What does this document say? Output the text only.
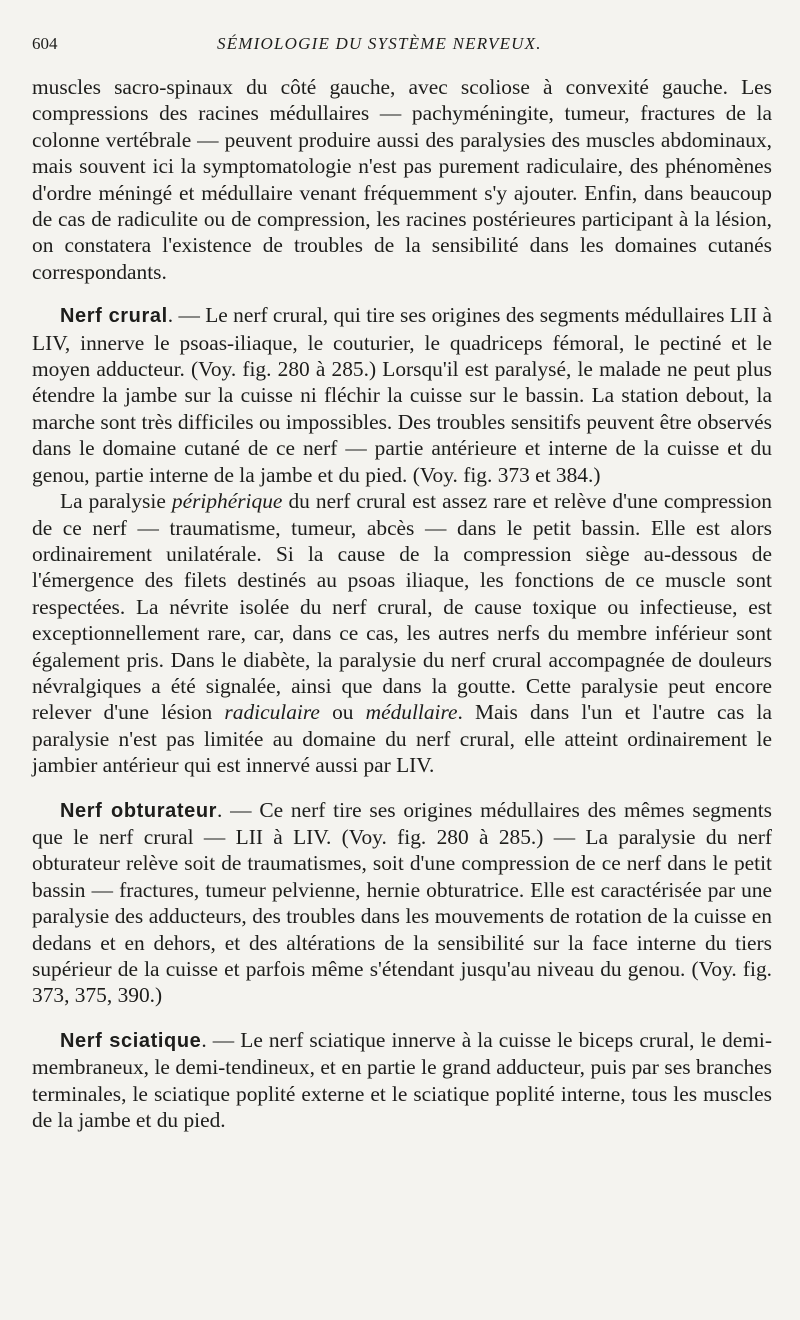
604	SÉMIOLOGIE DU SYSTÈME NERVEUX.

muscles sacro-spinaux du côté gauche, avec scoliose à convexité gauche. Les compressions des racines médullaires — pachyméningite, tumeur, fractures de la colonne vertébrale — peuvent produire aussi des paralysies des muscles abdominaux, mais souvent ici la symptomatologie n'est pas purement radiculaire, des phénomènes d'ordre méningé et médullaire venant fréquemment s'y ajouter. Enfin, dans beaucoup de cas de radiculite ou de compression, les racines postérieures participant à la lésion, on constatera l'existence de troubles de la sensibilité dans les domaines cutanés correspondants.

Nerf crural. — Le nerf crural, qui tire ses origines des segments médullaires LII à LIV, innerve le psoas-iliaque, le couturier, le quadriceps fémoral, le pectiné et le moyen adducteur. (Voy. fig. 280 à 285.) Lorsqu'il est paralysé, le malade ne peut plus étendre la jambe sur la cuisse ni fléchir la cuisse sur le bassin. La station debout, la marche sont très difficiles ou impossibles. Des troubles sensitifs peuvent être observés dans le domaine cutané de ce nerf — partie antérieure et interne de la cuisse et du genou, partie interne de la jambe et du pied. (Voy. fig. 373 et 384.)

La paralysie périphérique du nerf crural est assez rare et relève d'une compression de ce nerf — traumatisme, tumeur, abcès — dans le petit bassin. Elle est alors ordinairement unilatérale. Si la cause de la compression siège au-dessous de l'émergence des filets destinés au psoas iliaque, les fonctions de ce muscle sont respectées. La névrite isolée du nerf crural, de cause toxique ou infectieuse, est exceptionnellement rare, car, dans ce cas, les autres nerfs du membre inférieur sont également pris. Dans le diabète, la paralysie du nerf crural accompagnée de douleurs névralgiques a été signalée, ainsi que dans la goutte. Cette paralysie peut encore relever d'une lésion radiculaire ou médullaire. Mais dans l'un et l'autre cas la paralysie n'est pas limitée au domaine du nerf crural, elle atteint ordinairement le jambier antérieur qui est innervé aussi par LIV.

Nerf obturateur. — Ce nerf tire ses origines médullaires des mêmes segments que le nerf crural — LII à LIV. (Voy. fig. 280 à 285.) — La paralysie du nerf obturateur relève soit de traumatismes, soit d'une compression de ce nerf dans le petit bassin — fractures, tumeur pelvienne, hernie obturatrice. Elle est caractérisée par une paralysie des adducteurs, des troubles dans les mouvements de rotation de la cuisse en dedans et en dehors, et des altérations de la sensibilité sur la face interne du tiers supérieur de la cuisse et parfois même s'étendant jusqu'au niveau du genou. (Voy. fig. 373, 375, 390.)

Nerf sciatique. — Le nerf sciatique innerve à la cuisse le biceps crural, le demi-membraneux, le demi-tendineux, et en partie le grand adducteur, puis par ses branches terminales, le sciatique poplité externe et le sciatique poplité interne, tous les muscles de la jambe et du pied.
